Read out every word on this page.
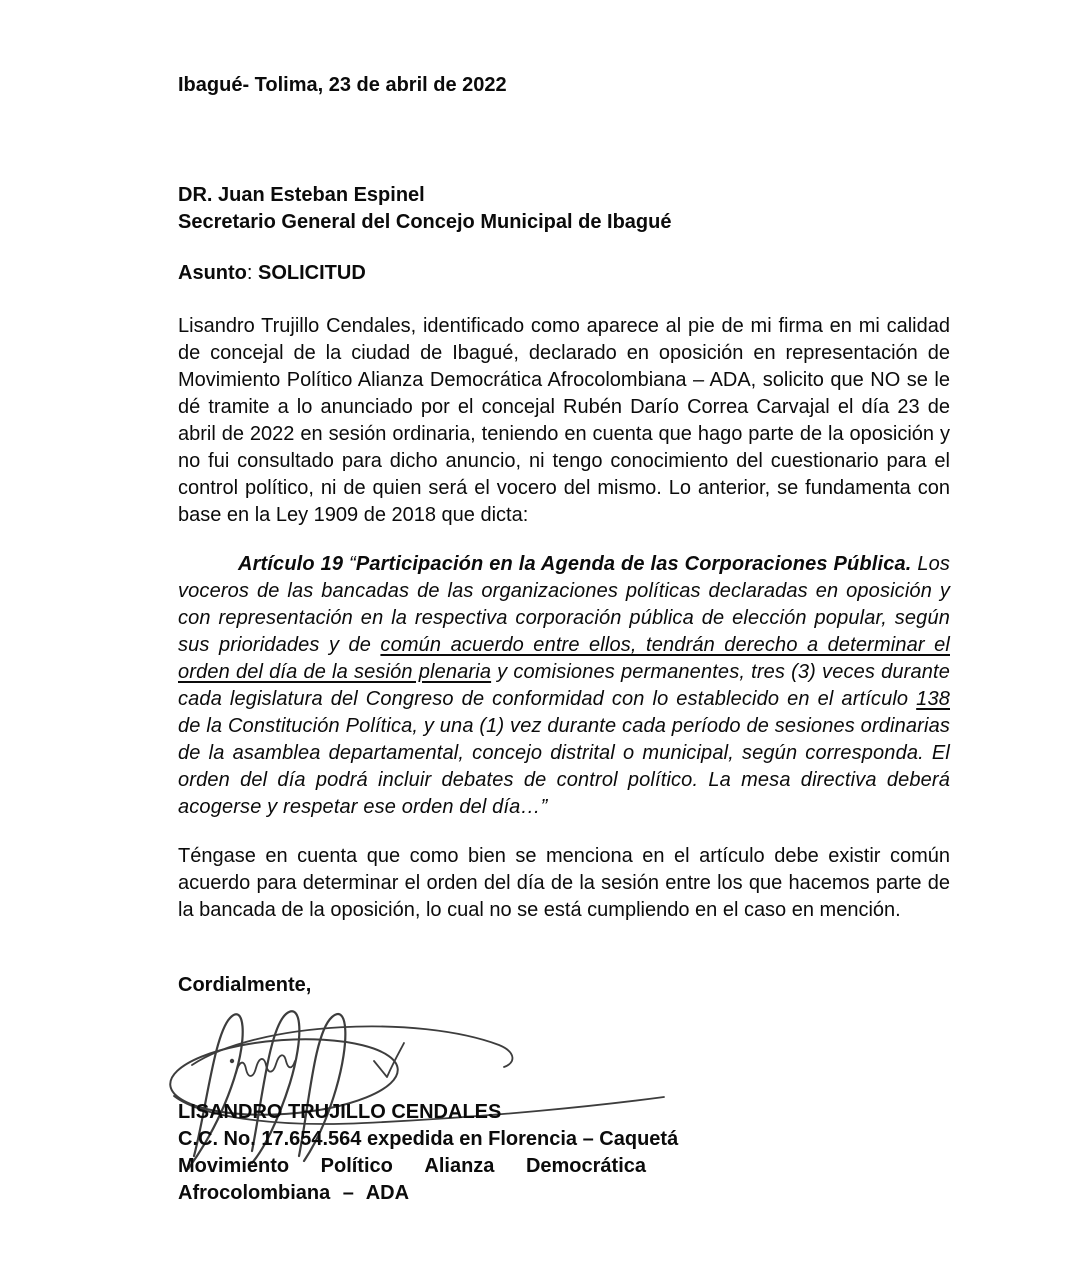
Ibagué- Tolima, 23 de abril de 2022
DR. Juan Esteban Espinel
Secretario General del Concejo Municipal de Ibagué
Asunto: SOLICITUD
Lisandro Trujillo Cendales, identificado como aparece al pie de mi firma en mi calidad de concejal de la ciudad de Ibagué, declarado en oposición en representación de Movimiento Político Alianza Democrática Afrocolombiana – ADA, solicito que NO se le dé tramite a lo anunciado por el concejal Rubén Darío Correa Carvajal el día 23 de abril de 2022 en sesión ordinaria, teniendo en cuenta que hago parte de la oposición y no fui consultado para dicho anuncio, ni tengo conocimiento del cuestionario para el control político, ni de quien será el vocero del mismo. Lo anterior, se fundamenta con base en la Ley 1909 de 2018 que dicta:
Artículo 19 “Participación en la Agenda de las Corporaciones Pública. Los voceros de las bancadas de las organizaciones políticas declaradas en oposición y con representación en la respectiva corporación pública de elección popular, según sus prioridades y de común acuerdo entre ellos, tendrán derecho a determinar el orden del día de la sesión plenaria y comisiones permanentes, tres (3) veces durante cada legislatura del Congreso de conformidad con lo establecido en el artículo 138 de la Constitución Política, y una (1) vez durante cada período de sesiones ordinarias de la asamblea departamental, concejo distrital o municipal, según corresponda. El orden del día podrá incluir debates de control político. La mesa directiva deberá acogerse y respetar ese orden del día…”
Téngase en cuenta que como bien se menciona en el artículo debe existir común acuerdo para determinar el orden del día de la sesión entre los que hacemos parte de la bancada de la oposición, lo cual no se está cumpliendo en el caso en mención.
Cordialmente,
LISANDRO TRUJILLO CENDALES
C.C. No. 17.654.564 expedida en Florencia – Caquetá
Movimiento Político Alianza Democrática
Afrocolombiana – ADA
